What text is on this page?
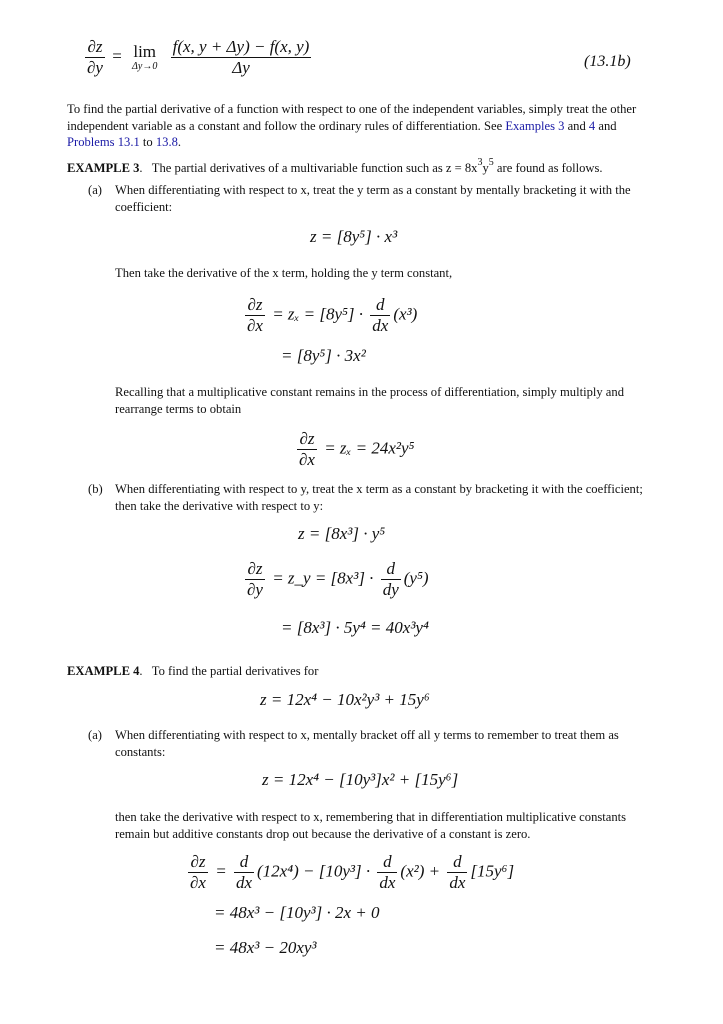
$\frac{\partial z}{\partial y} = \lim$
Δy→0
$\frac{f(x, y + \Delta y) - f(x, y)}{\Delta y}$	(13.1b)
To find the partial derivative of a function with respect to one of the independent variables, simply treat the other independent variable as a constant and follow the ordinary rules of differentiation. See Examples 3 and 4 and Problems 13.1 to 13.8.
EXAMPLE 3. The partial derivatives of a multivariable function such as $z = 8x^3y^5$ are found as follows.
(a) When differentiating with respect to x, treat the y term as a constant by mentally bracketing it with the coefficient:
z = [8y⁵] · x³
Then take the derivative of the x term, holding the y term constant,
$\frac{\partial z}{\partial x} = z_x = [8y^5] \cdot \frac{d}{dx} (x^3)$
= [8y⁵] · 3x²
Recalling that a multiplicative constant remains in the process of differentiation, simply multiply and rearrange terms to obtain
$\frac{\partial z}{\partial x} = z_x = 24x^2y^5$
(b) When differentiating with respect to y, treat the x term as a constant by bracketing it with the coefficient; then take the derivative with respect to y:
z = [8x³] · y⁵
$\frac{\partial z}{\partial y}$ = z_y = $[8x^3] \cdot \frac{d}{dy} (y^5)$
= [8x³] · 5y⁴ = 40x³y⁴
EXAMPLE 4. To find the partial derivatives for
z = 12x⁴ − 10x²y³ + 15y⁶
(a) When differentiating with respect to x, mentally bracket off all y terms to remember to treat them as constants:
z = 12x⁴ − [10y³]x² + [15y⁶]
then take the derivative with respect to x, remembering that in differentiation multiplicative constants remain but additive constants drop out because the derivative of a constant is zero.
$\frac{\partial z}{\partial x} = \frac{d}{dx} (12x^4) - [10y^3] \cdot \frac{d}{dx} (x^2) + \frac{d}{dx} [15y^6]$
= 48x³ − [10y³] · 2x + 0
= 48x³ − 20xy³
